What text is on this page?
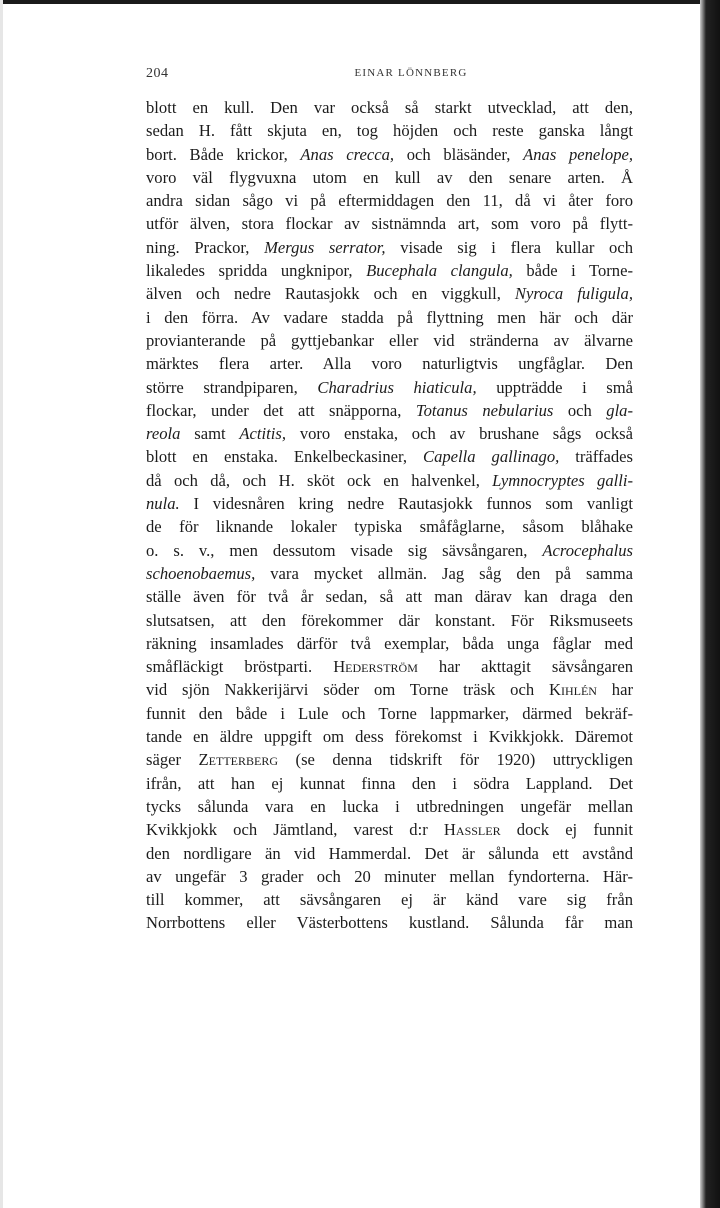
204	EINAR LÖNNBERG
blott en kull. Den var också så starkt utvecklad, att den,
sedan H. fått skjuta en, tog höjden och reste ganska långt
bort. Både krickor, Anas crecca, och bläsänder, Anas penelope,
voro väl flygvuxna utom en kull av den senare arten. Å
andra sidan sågo vi på eftermiddagen den 11, då vi åter foro
utför älven, stora flockar av sistnämnda art, som voro på flytt-
ning. Prackor, Mergus serrator, visade sig i flera kullar och
likaledes spridda ungknipor, Bucephala clangula, både i Torne-
älven och nedre Rautasjokk och en viggkull, Nyroca fuligula,
i den förra. Av vadare stadda på flyttning men här och där
provianterande på gyttjebankar eller vid stränderna av älvarne
märktes flera arter. Alla voro naturligtvis ungfåglar. Den
större strandpiparen, Charadrius hiaticula, uppträdde i små
flockar, under det att snäpporna, Totanus nebularius och gla-
reola samt Actitis, voro enstaka, och av brushane sågs också
blott en enstaka. Enkelbeckasiner, Capella gallinago, träffades
då och då, och H. sköt ock en halvenkel, Lymnocryptes galli-
nula. I videsnåren kring nedre Rautasjokk funnos som vanligt
de för liknande lokaler typiska småfåglarne, såsom blåhake
o. s. v., men dessutom visade sig sävsångaren, Acrocephalus
schoenobaemus, vara mycket allmän. Jag såg den på samma
ställe även för två år sedan, så att man därav kan draga den
slutsatsen, att den förekommer där konstant. För Riksmuseets
räkning insamlades därför två exemplar, båda unga fåglar med
småfläckigt bröstparti. Hederström har akttagit sävsångaren
vid sjön Nakkerijärvi söder om Torne träsk och Kihlén har
funnit den både i Lule och Torne lappmarker, därmed bekräf-
tande en äldre uppgift om dess förekomst i Kvikkjokk. Däremot
säger Zetterberg (se denna tidskrift för 1920) uttryckligen
ifrån, att han ej kunnat finna den i södra Lappland. Det
tycks sålunda vara en lucka i utbredningen ungefär mellan
Kvikkjokk och Jämtland, varest d:r Hassler dock ej funnit
den nordligare än vid Hammerdal. Det är sålunda ett avstånd
av ungefär 3 grader och 20 minuter mellan fyndorterna. Här-
till kommer, att sävsångaren ej är känd vare sig från
Norrbottens eller Västerbottens kustland. Sålunda får man
